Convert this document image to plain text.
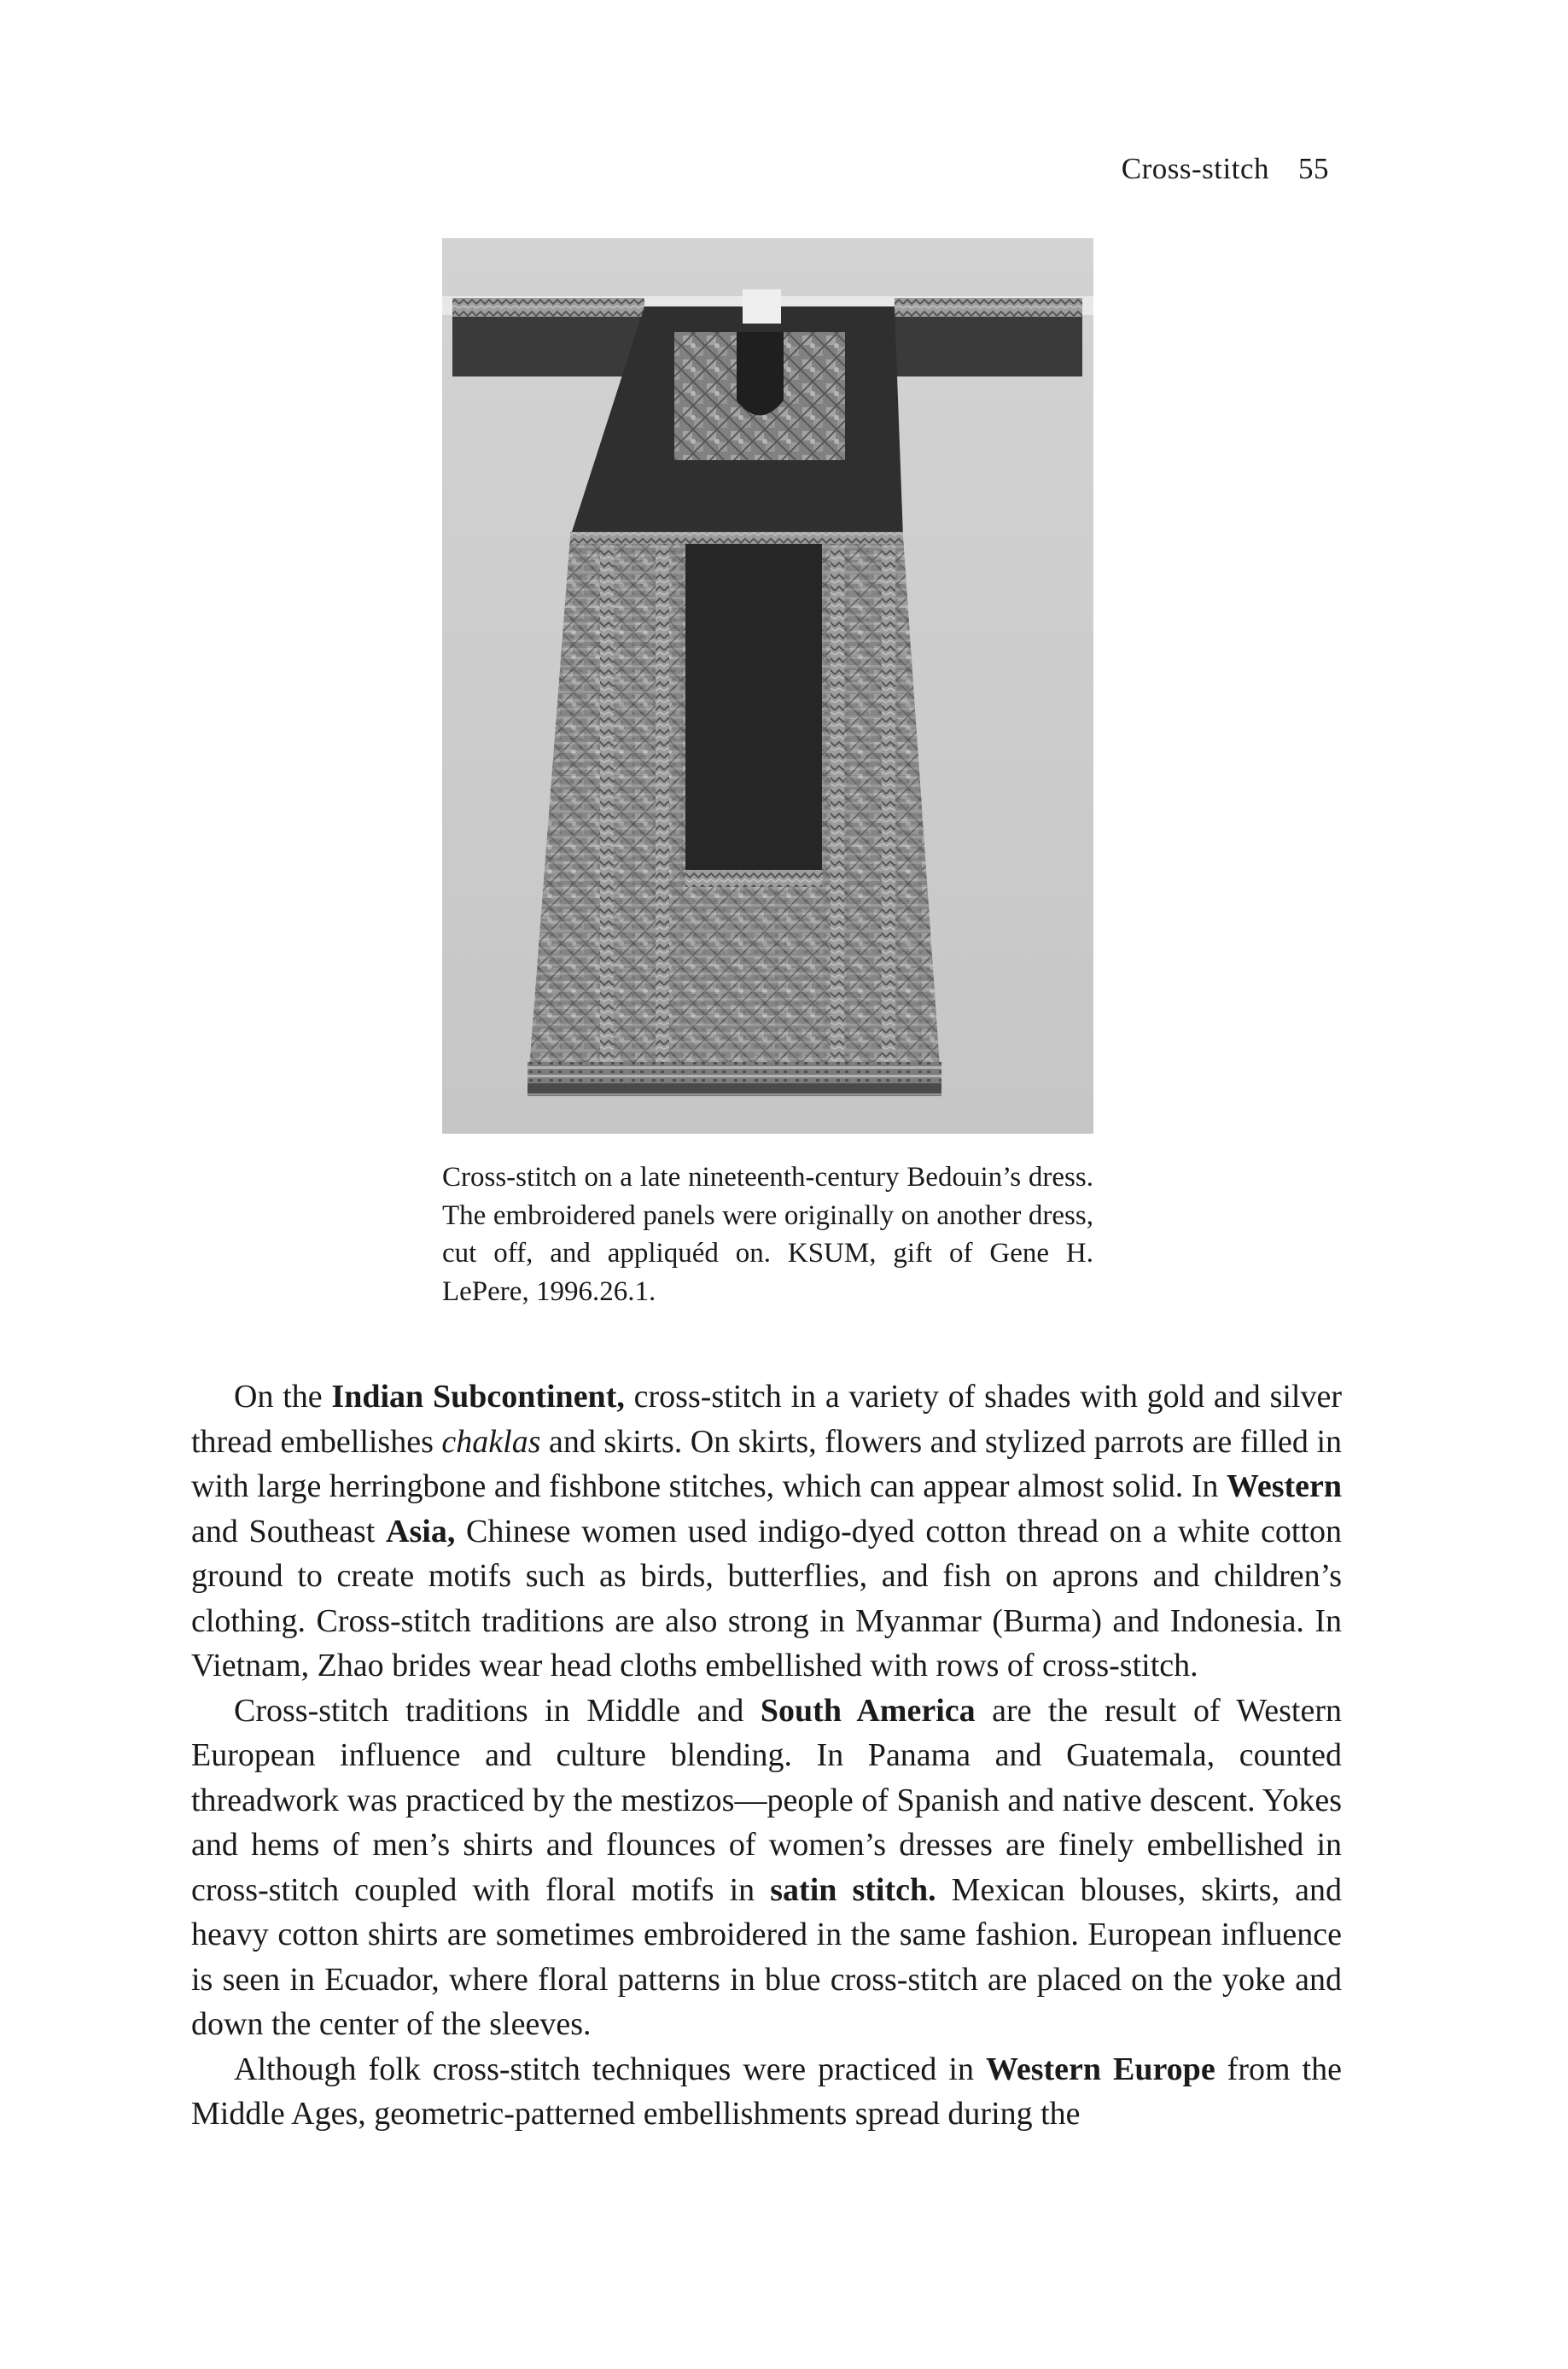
Cross-stitch 55

Cross-stitch on a late nineteenth-century Bedouin’s dress. The embroidered panels were originally on another dress, cut off, and appliquéd on. KSUM, gift of Gene H. LePere, 1996.26.1.

On the Indian Subcontinent, cross-stitch in a variety of shades with gold and silver thread embellishes chaklas and skirts. On skirts, flowers and stylized parrots are filled in with large herringbone and fishbone stitches, which can appear almost solid. In Western and Southeast Asia, Chinese women used indigo-dyed cotton thread on a white cotton ground to create motifs such as birds, butterflies, and fish on aprons and children’s clothing. Cross-stitch traditions are also strong in Myanmar (Burma) and Indonesia. In Vietnam, Zhao brides wear head cloths embellished with rows of cross-stitch.

Cross-stitch traditions in Middle and South America are the result of Western European influence and culture blending. In Panama and Guatemala, counted threadwork was practiced by the mestizos—people of Spanish and native descent. Yokes and hems of men’s shirts and flounces of women’s dresses are finely embellished in cross-stitch coupled with floral motifs in satin stitch. Mexican blouses, skirts, and heavy cotton shirts are sometimes embroidered in the same fashion. European influence is seen in Ecuador, where floral patterns in blue cross-stitch are placed on the yoke and down the center of the sleeves.

Although folk cross-stitch techniques were practiced in Western Europe from the Middle Ages, geometric-patterned embellishments spread during the
